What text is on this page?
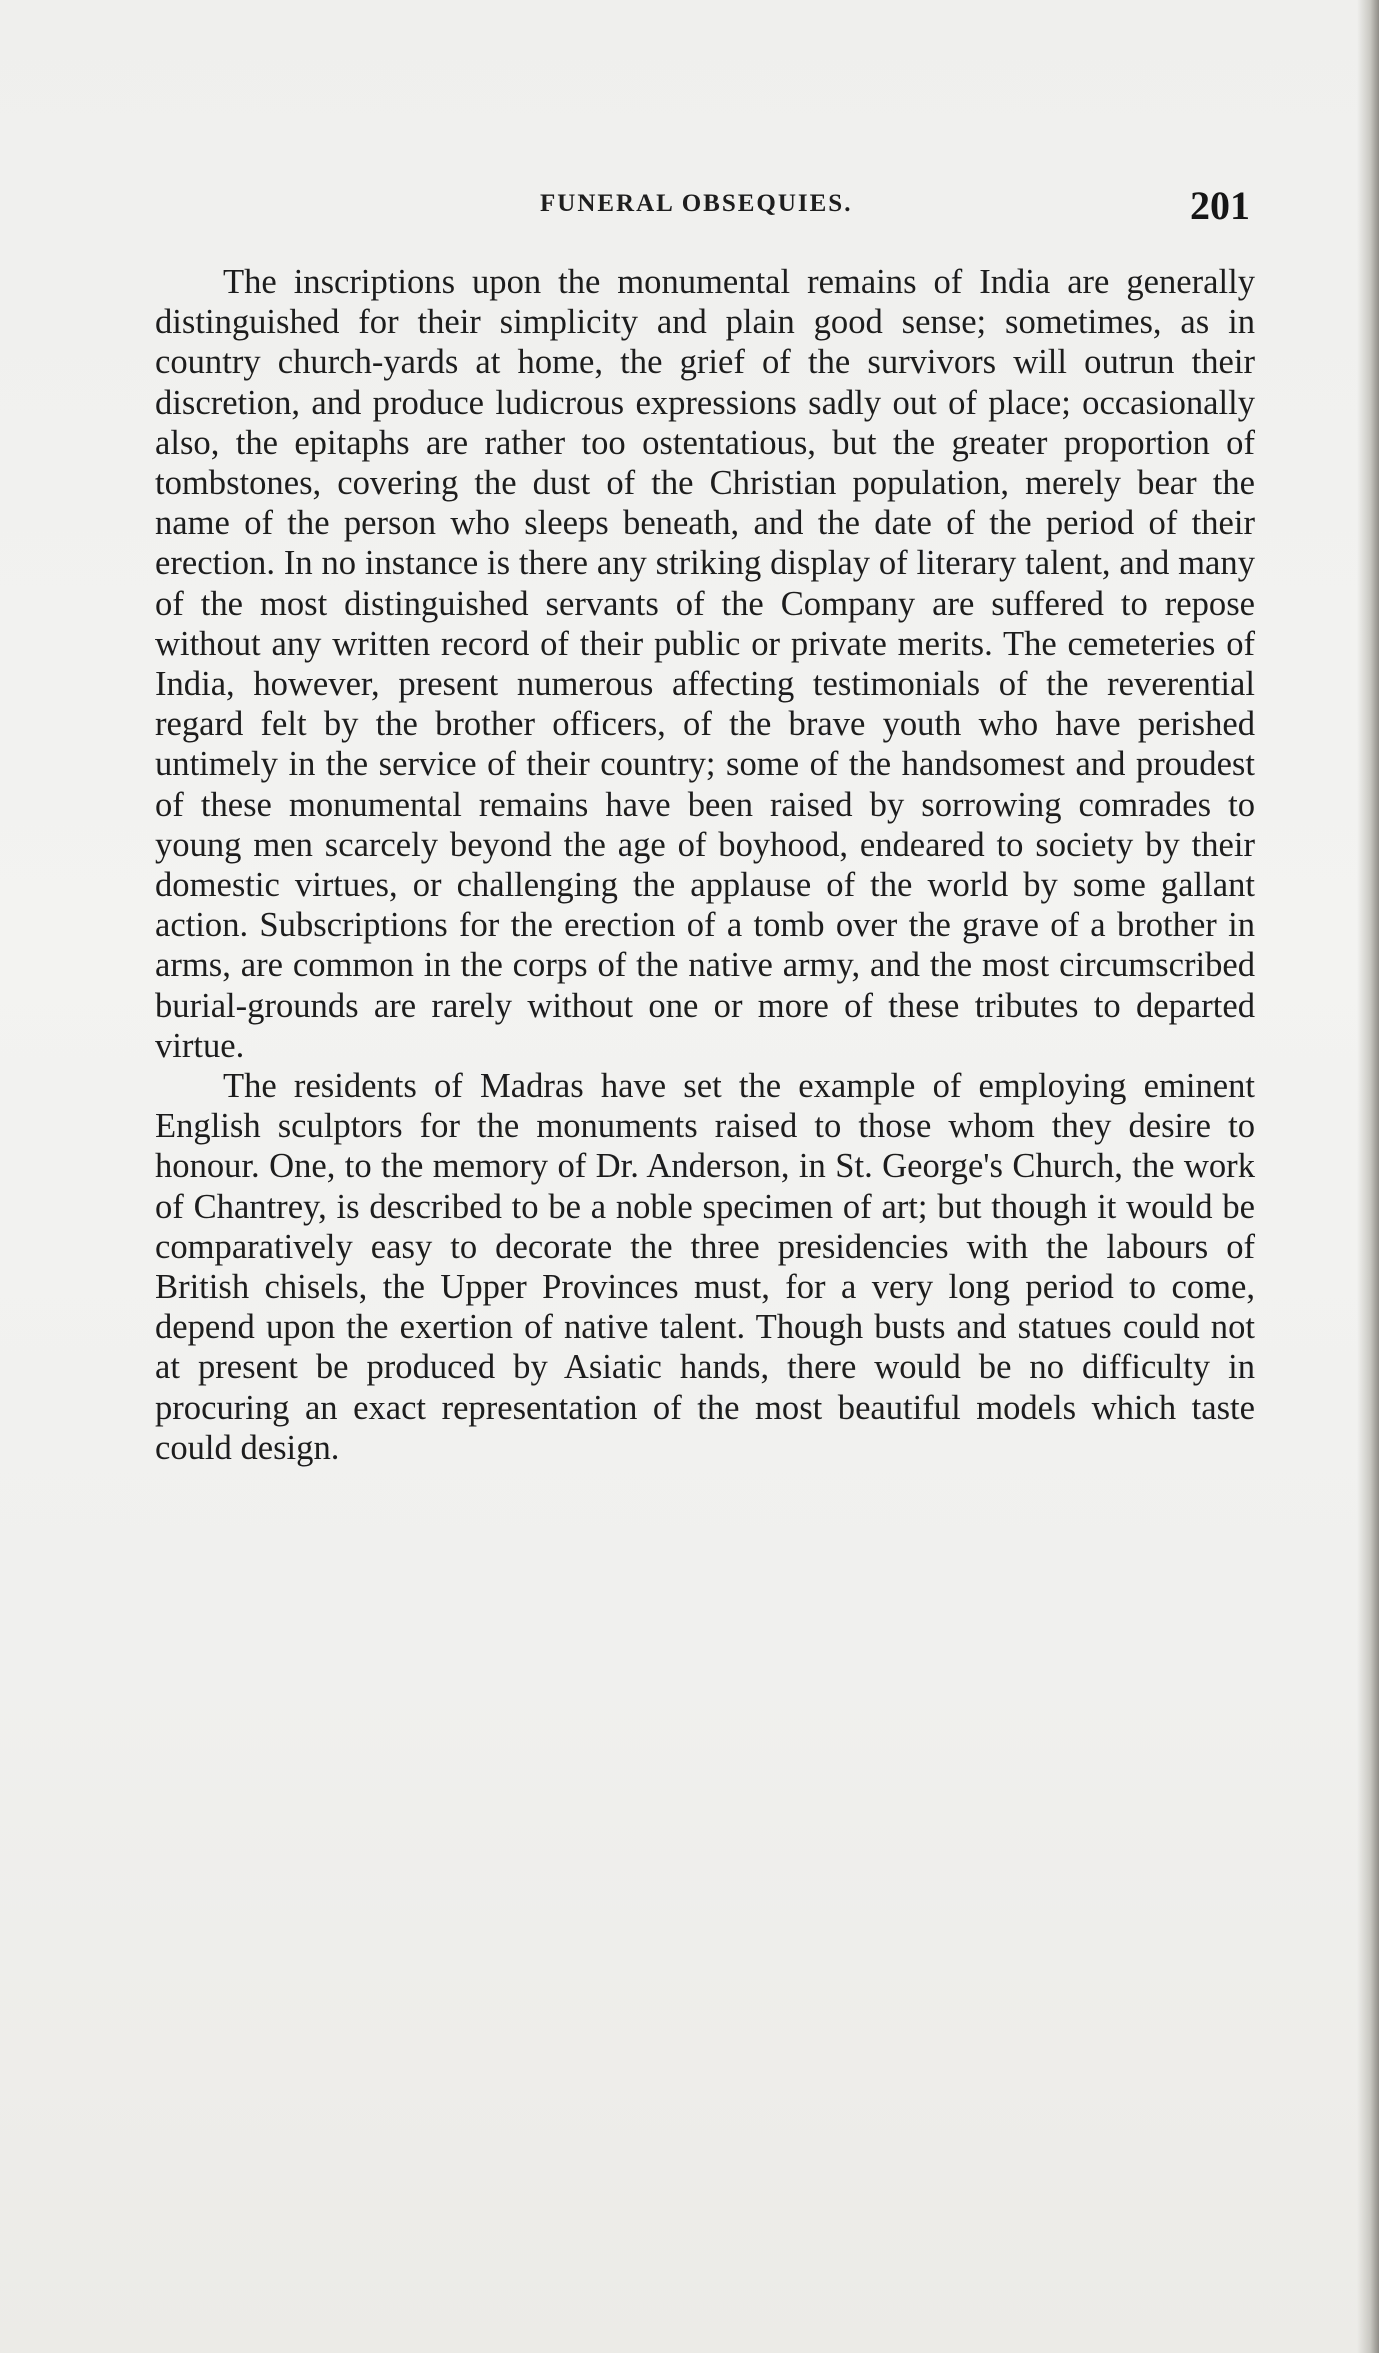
FUNERAL OBSEQUIES.	201

The inscriptions upon the monumental remains of India are generally distinguished for their simplicity and plain good sense; sometimes, as in country church-yards at home, the grief of the survivors will outrun their discretion, and produce ludicrous expressions sadly out of place; occasionally also, the epitaphs are rather too ostentatious, but the greater proportion of tombstones, covering the dust of the Christian population, merely bear the name of the person who sleeps beneath, and the date of the period of their erection. In no instance is there any striking display of literary talent, and many of the most distinguished servants of the Company are suffered to repose without any written record of their public or private merits. The cemeteries of India, however, present numerous affecting testimonials of the reverential regard felt by the brother officers, of the brave youth who have perished untimely in the service of their country; some of the handsomest and proudest of these monumental remains have been raised by sorrowing comrades to young men scarcely beyond the age of boyhood, endeared to society by their domestic virtues, or challenging the applause of the world by some gallant action. Subscriptions for the erection of a tomb over the grave of a brother in arms, are common in the corps of the native army, and the most circumscribed burial-grounds are rarely without one or more of these tributes to departed virtue.

The residents of Madras have set the example of employing eminent English sculptors for the monuments raised to those whom they desire to honour. One, to the memory of Dr. Anderson, in St. George's Church, the work of Chantrey, is described to be a noble specimen of art; but though it would be comparatively easy to decorate the three presidencies with the labours of British chisels, the Upper Provinces must, for a very long period to come, depend upon the exertion of native talent. Though busts and statues could not at present be produced by Asiatic hands, there would be no difficulty in procuring an exact representation of the most beautiful models which taste could design.
